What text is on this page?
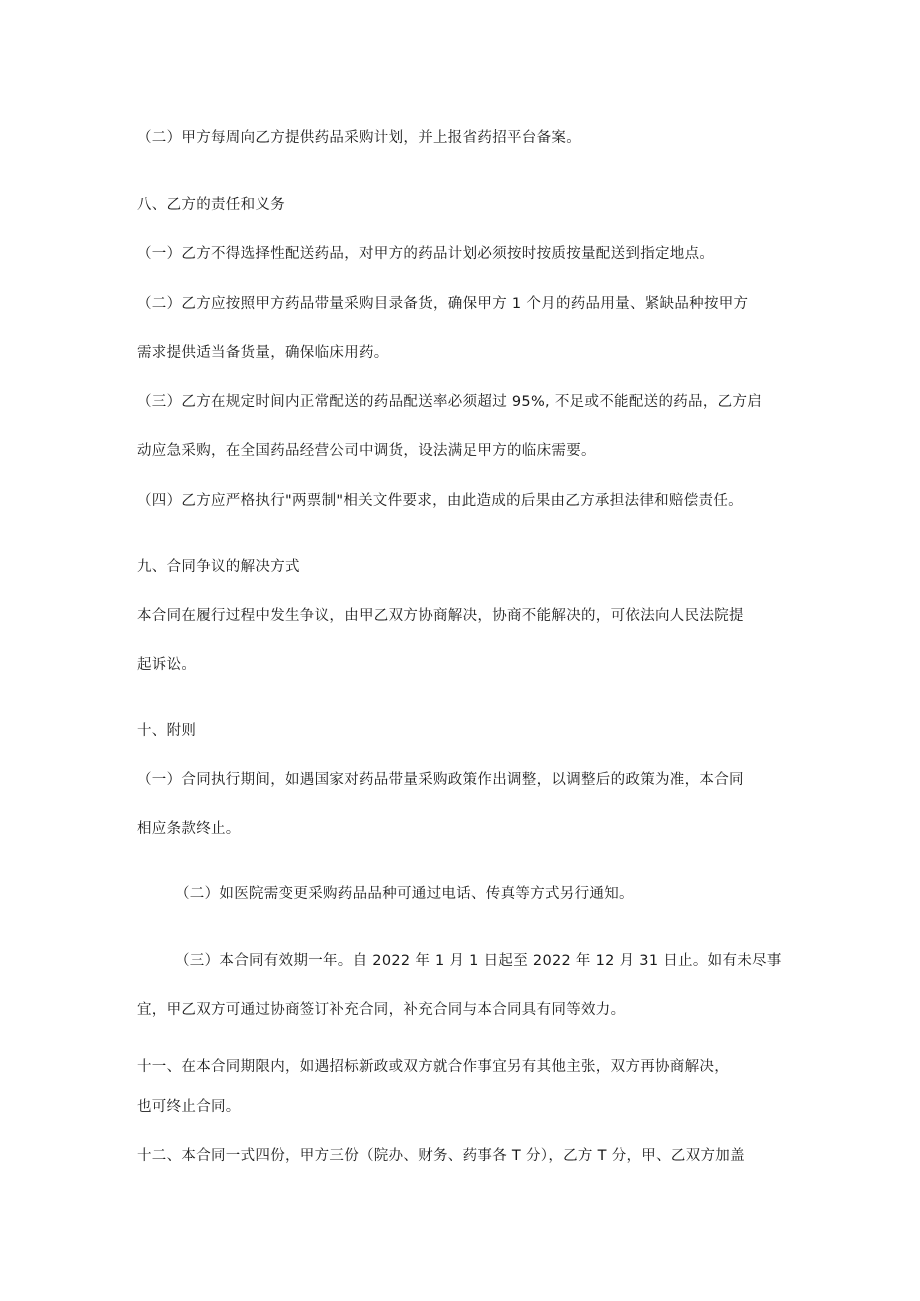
（二）甲方每周向乙方提供药品采购计划，并上报省药招平台备案。
八、乙方的责任和义务
（一）乙方不得选择性配送药品，对甲方的药品计划必须按时按质按量配送到指定地点。
（二）乙方应按照甲方药品带量采购目录备货，确保甲方 1 个月的药品用量、紧缺品种按甲方
需求提供适当备货量，确保临床用药。
（三）乙方在规定时间内正常配送的药品配送率必须超过 95%, 不足或不能配送的药品，乙方启
动应急采购，在全国药品经营公司中调货，设法满足甲方的临床需要。
（四）乙方应严格执行"两票制"相关文件要求，由此造成的后果由乙方承担法律和赔偿责任。
九、合同争议的解决方式
本合同在履行过程中发生争议，由甲乙双方协商解决，协商不能解决的，可依法向人民法院提
起诉讼。
十、附则
（一）合同执行期间，如遇国家对药品带量采购政策作出调整，以调整后的政策为准，本合同
相应条款终止。
（二）如医院需变更采购药品品种可通过电话、传真等方式另行通知。
（三）本合同有效期一年。自 2022 年 1 月 1 日起至 2022 年 12 月 31 日止。如有未尽事
宜，甲乙双方可通过协商签订补充合同，补充合同与本合同具有同等效力。
十一、在本合同期限内，如遇招标新政或双方就合作事宜另有其他主张，双方再协商解决，
也可终止合同。
十二、本合同一式四份，甲方三份（院办、财务、药事各 T 分），乙方 T 分，甲、乙双方加盖
